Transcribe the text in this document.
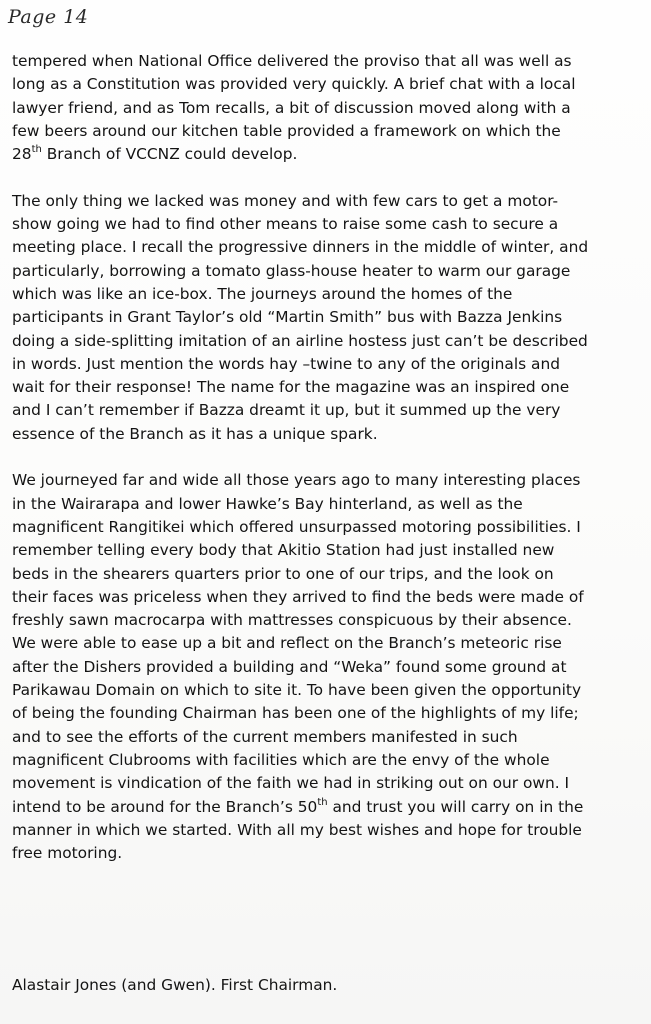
Page 14

tempered when National Office delivered the proviso that all was well as
long as a Constitution was provided very quickly. A brief chat with a local
lawyer friend, and as Tom recalls, a bit of discussion moved along with a
few beers around our kitchen table provided a framework on which the
28th Branch of VCCNZ could develop.

The only thing we lacked was money and with few cars to get a motor-
show going we had to find other means to raise some cash to secure a
meeting place. I recall the progressive dinners in the middle of winter, and
particularly, borrowing a tomato glass-house heater to warm our garage
which was like an ice-box. The journeys around the homes of the
participants in Grant Taylor’s old “Martin Smith” bus with Bazza Jenkins
doing a side-splitting imitation of an airline hostess just can’t be described
in words. Just mention the words hay –twine to any of the originals and
wait for their response! The name for the magazine was an inspired one
and I can’t remember if Bazza dreamt it up, but it summed up the very
essence of the Branch as it has a unique spark.

We journeyed far and wide all those years ago to many interesting places
in the Wairarapa and lower Hawke’s Bay hinterland, as well as the
magnificent Rangitikei which offered unsurpassed motoring possibilities. I
remember telling every body that Akitio Station had just installed new
beds in the shearers quarters prior to one of our trips, and the look on
their faces was priceless when they arrived to find the beds were made of
freshly sawn macrocarpa with mattresses conspicuous by their absence.
We were able to ease up a bit and reflect on the Branch’s meteoric rise
after the Dishers provided a building and “Weka” found some ground at
Parikawau Domain on which to site it. To have been given the opportunity
of being the founding Chairman has been one of the highlights of my life;
and to see the efforts of the current members manifested in such
magnificent Clubrooms with facilities which are the envy of the whole
movement is vindication of the faith we had in striking out on our own. I
intend to be around for the Branch’s 50th and trust you will carry on in the
manner in which we started. With all my best wishes and hope for trouble
free motoring.

Alastair Jones (and Gwen). First Chairman.
